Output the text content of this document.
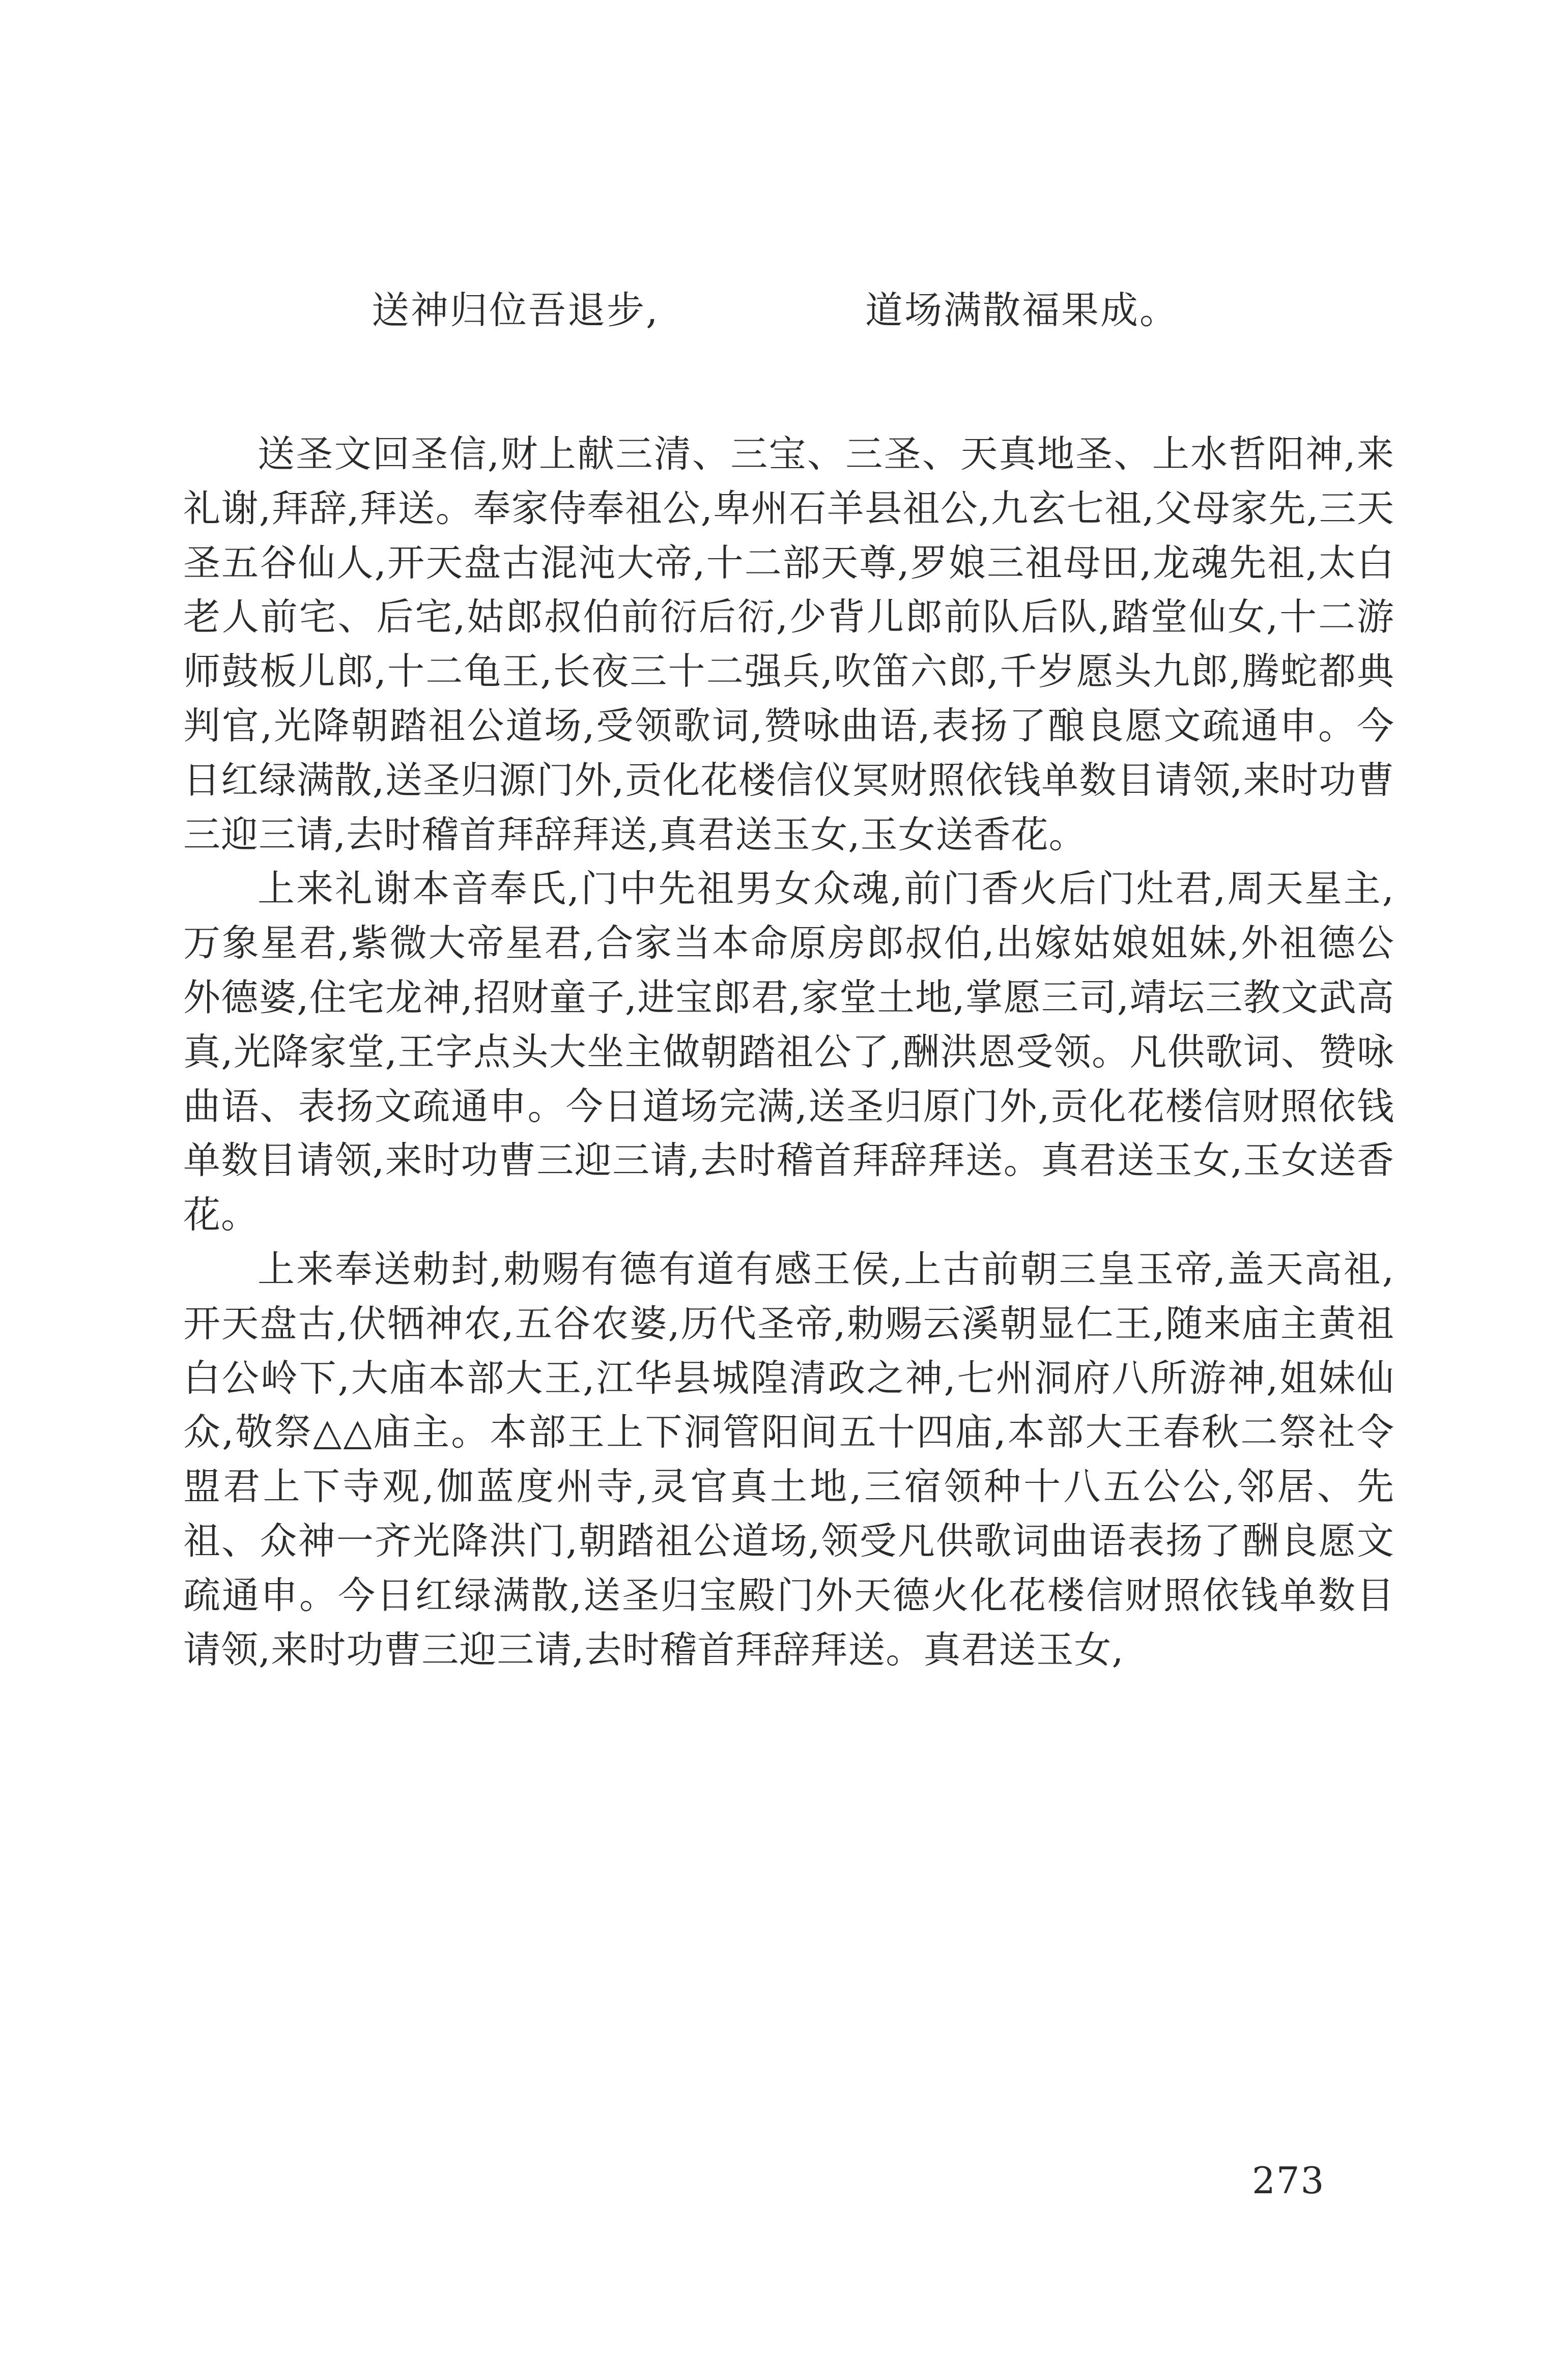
送神归位吾退步,	道场满散福果成。

送圣文回圣信,财上献三清、三宝、三圣、天真地圣、上水哲阳神,来礼谢,拜辞,拜送。奉家侍奉祖公,卑州石羊县祖公,九玄七祖,父母家先,三天圣五谷仙人,开天盘古混沌大帝,十二部天尊,罗娘三祖母田,龙魂先祖,太白老人前宅、后宅,姑郎叔伯前衍后衍,少背儿郎前队后队,踏堂仙女,十二游师鼓板儿郎,十二龟王,长夜三十二强兵,吹笛六郎,千岁愿头九郎,腾蛇都典判官,光降朝踏祖公道场,受领歌词,赞咏曲语,表扬了酿良愿文疏通申。今日红绿满散,送圣归源门外,贡化花楼信仪冥财照依钱单数目请领,来时功曹三迎三请,去时稽首拜辞拜送,真君送玉女,玉女送香花。

上来礼谢本音奉氏,门中先祖男女众魂,前门香火后门灶君,周天星主,万象星君,紫微大帝星君,合家当本命原房郎叔伯,出嫁姑娘姐妹,外祖德公外德婆,住宅龙神,招财童子,进宝郎君,家堂土地,掌愿三司,靖坛三教文武高真,光降家堂,王字点头大坐主做朝踏祖公了,酬洪恩受领。凡供歌词、赞咏曲语、表扬文疏通申。今日道场完满,送圣归原门外,贡化花楼信财照依钱单数目请领,来时功曹三迎三请,去时稽首拜辞拜送。真君送玉女,玉女送香花。

上来奉送勅封,勅赐有德有道有感王侯,上古前朝三皇玉帝,盖天高祖,开天盘古,伏牺神农,五谷农婆,历代圣帝,勅赐云溪朝显仁王,随来庙主黄祖白公岭下,大庙本部大王,江华县城隍清政之神,七州洞府八所游神,姐妹仙众,敬祭△△庙主。本部王上下洞管阳间五十四庙,本部大王春秋二祭社令盟君上下寺观,伽蓝度州寺,灵官真土地,三宿领种十八五公公,邻居、先祖、众神一齐光降洪门,朝踏祖公道场,领受凡供歌词曲语表扬了酬良愿文疏通申。今日红绿满散,送圣归宝殿门外天德火化花楼信财照依钱单数目请领,来时功曹三迎三请,去时稽首拜辞拜送。真君送玉女,

273
